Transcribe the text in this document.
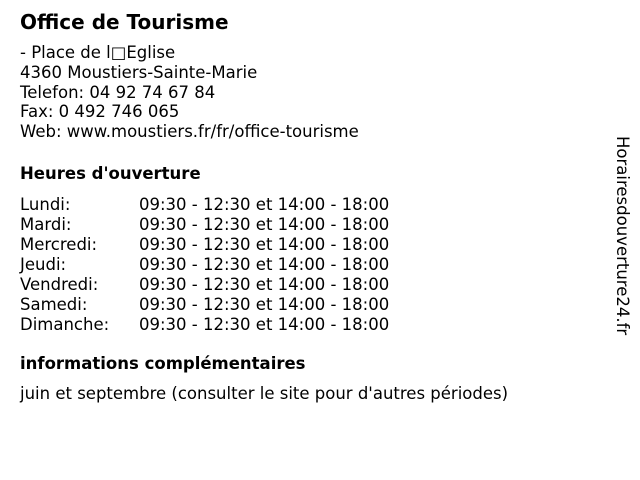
Office de Tourisme
- Place de l□Eglise
4360 Moustiers-Sainte-Marie
Telefon: 04 92 74 67 84
Fax: 0 492 746 065
Web: www.moustiers.fr/fr/office-tourisme
Heures d'ouverture
Lundi:	09:30 - 12:30 et 14:00 - 18:00
Mardi:	09:30 - 12:30 et 14:00 - 18:00
Mercredi:	09:30 - 12:30 et 14:00 - 18:00
Jeudi:	09:30 - 12:30 et 14:00 - 18:00
Vendredi: 09:30 - 12:30 et 14:00 - 18:00
Samedi:	09:30 - 12:30 et 14:00 - 18:00
Dimanche: 09:30 - 12:30 et 14:00 - 18:00
informations complémentaires
juin et septembre (consulter le site pour d'autres périodes)
Horairesdouverture24.fr
